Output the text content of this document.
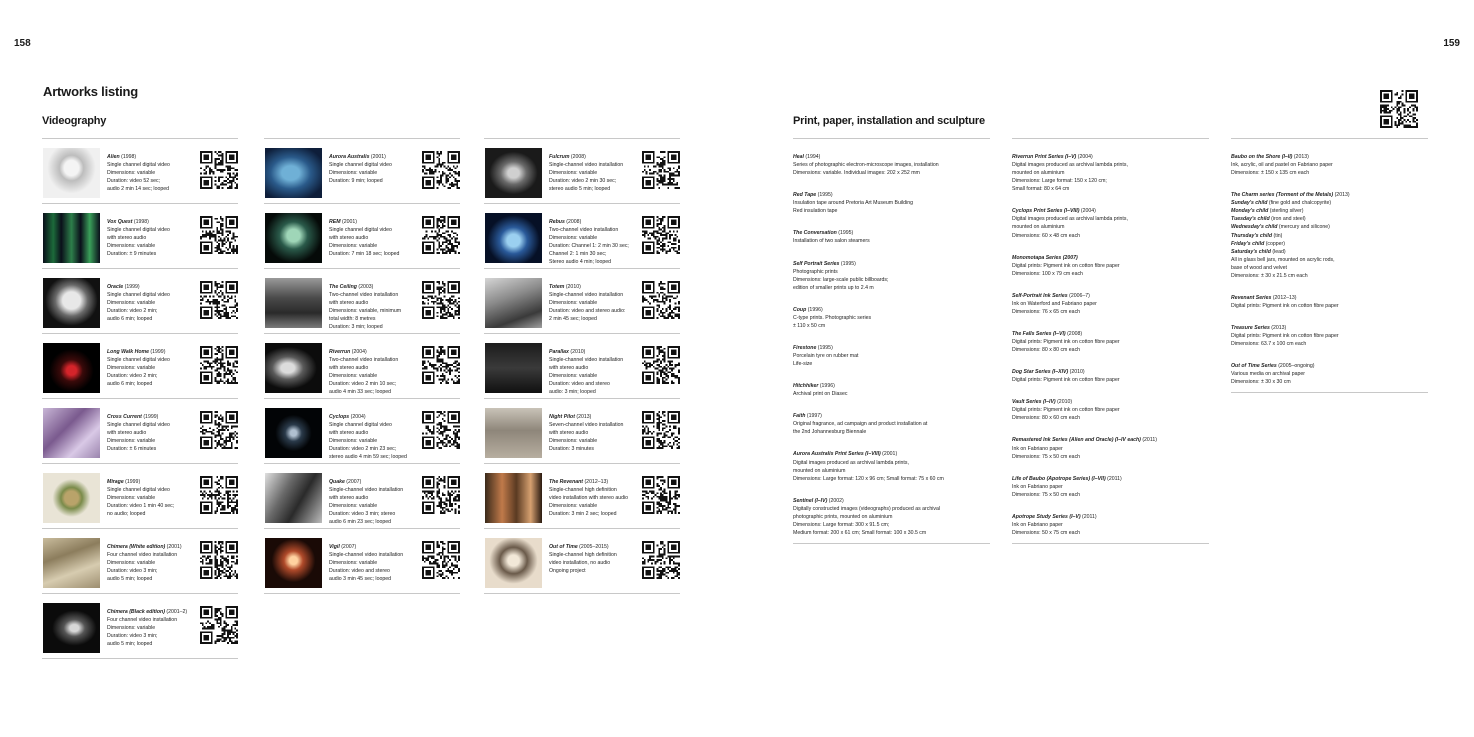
158	159
Artworks listing
Videography	Print, paper, installation and sculpture
Alien (1998)
Single channel digital video
Dimensions: variable
Duration: video 52 sec;
audio 2 min 14 sec; looped
Vox Quest (1998)
Single channel digital video
with stereo audio
Dimensions: variable
Duration: ± 9 minutes
Oracle (1999)
Single channel digital video
Dimensions: variable
Duration: video 2 min;
audio 6 min; looped
Long Walk Home (1999)
Single channel digital video
Dimensions: variable
Duration: video 2 min;
audio 6 min; looped
Cross Current (1999)
Single channel digital video
with stereo audio
Dimensions: variable
Duration: ± 6 minutes
Mirage (1999)
Single channel digital video
Dimensions: variable
Duration: video 1 min 40 sec;
no audio; looped
Chimera (White edition) (2001)
Four channel video installation
Dimensions: variable
Duration: video 3 min;
audio 5 min; looped
Chimera (Black edition) (2001–2)
Four channel video installation
Dimensions: variable
Duration: video 3 min;
audio 5 min; looped
Aurora Australis (2001)
Single channel digital video
Dimensions: variable
Duration: 9 min; looped
REM (2001)
Single channel digital video
with stereo audio
Dimensions: variable
Duration: 7 min 18 sec; looped
The Ceiling (2003)
Two-channel video installation
with stereo audio
Dimensions: variable, minimum
total width: 8 metres
Duration: 3 min; looped
Riverrun (2004)
Two-channel video installation
with stereo audio
Dimensions: variable
Duration: video 2 min 10 sec;
audio 4 min 33 sec; looped
Cyclops (2004)
Single channel digital video
with stereo audio
Dimensions: variable
Duration: video 2 min 23 sec;
stereo audio 4 min 59 sec; looped
Quake (2007)
Single-channel video installation
with stereo audio
Dimensions: variable
Duration: video 3 min; stereo
audio 6 min 23 sec; looped
Vigil (2007)
Single-channel video installation
Dimensions: variable
Duration: video and stereo
audio 3 min 45 sec; looped
Fulcrum (2008)
Single-channel video installation
Dimensions: variable
Duration: video 2 min 30 sec;
stereo audio 5 min; looped
Rebus (2008)
Two-channel video installation
Dimensions: variable
Duration: Channel 1: 2 min 30 sec;
Channel 2: 1 min 30 sec;
Stereo audio 4 min; looped
Totem (2010)
Single-channel video installation
Dimensions: variable
Duration: video and stereo audio:
2 min 45 sec; looped
Parallax (2010)
Single-channel video installation
with stereo audio
Dimensions: variable
Duration: video and stereo
audio: 3 min; looped
Night Pilot (2013)
Seven-channel video installation
with stereo audio
Dimensions: variable
Duration: 3 minutes
The Revenant (2012–13)
Single-channel high definition
video installation with stereo audio
Dimensions: variable
Duration: 3 min 2 sec; looped
Out of Time (2005–2015)
Single-channel high definition
video installation, no audio
Ongoing project
Heal (1994)
Series of photographic electron-microscope images, installation
Dimensions: variable. Individual images: 202 x 252 mm
Red Tape (1995)
Insulation tape around Pretoria Art Museum Building
Red insulation tape
The Conversation (1995)
Installation of two salon steamers
Self Portrait Series (1995)
Photographic prints
Dimensions: large-scale public billboards;
edition of smaller prints up to 2.4 m
Coup (1996)
C-type prints. Photographic series
± 110 x 50 cm
Firestone (1995)
Porcelain tyre on rubber mat
Life-size
Hitchhiker (1996)
Archival print on Diasec
Faith (1997)
Original fragrance, ad campaign and product installation at
the 2nd Johannesburg Biennale
Aurora Australis Print Series (I–VIII) (2001)
Digital images produced as archival lambda prints,
mounted on aluminium
Dimensions: Large format: 120 x 96 cm; Small format: 75 x 60 cm
Sentinel (I–IV) (2002)
Digitally constructed images (videographs) produced as archival
photographic prints, mounted on aluminium
Dimensions: Large format: 300 x 91.5 cm;
Medium format: 200 x 61 cm; Small format: 100 x 30.5 cm
Riverrun Print Series (I–V) (2004)
Digital images produced as archival lambda prints,
mounted on aluminium
Dimensions: Large format: 150 x 120 cm;
Small format: 80 x 64 cm
Cyclops Print Series (I–VIII) (2004)
Digital images produced as archival lambda prints,
mounted on aluminium
Dimensions: 60 x 48 cm each
Monomotapa Series (2007)
Digital prints: Pigment ink on cotton fibre paper
Dimensions: 100 x 79 cm each
Self-Portrait Ink Series (2006–7)
Ink on Waterford and Fabriano paper
Dimensions: 76 x 65 cm each
The Falls Series (I–VI) (2008)
Digital prints: Pigment ink on cotton fibre paper
Dimensions: 80 x 80 cm each
Dog Star Series (I–XIV) (2010)
Digital prints: Pigment ink on cotton fibre paper
Vault Series (I–IV) (2010)
Digital prints: Pigment ink on cotton fibre paper
Dimensions: 80 x 60 cm each
Remastered Ink Series (Alien and Oracle) (I–IV each) (2011)
Ink on Fabriano paper
Dimensions: 75 x 50 cm each
Life of Baubo (Apotrope Series) (I–VII) (2011)
Ink on Fabriano paper
Dimensions: 75 x 50 cm each
Apotrope Study Series (I–V) (2011)
Ink on Fabriano paper
Dimensions: 50 x 75 cm each
Baubo on the Shore (I–II) (2013)
Ink, acrylic, oil and pastel on Fabriano paper
Dimensions: ± 150 x 135 cm each
The Charm series (Torment of the Metals) (2013)
Sunday's child (fine gold and chalcopyrite)
Monday's child (sterling silver)
Tuesday's child (iron and steel)
Wednesday's child (mercury and silicone)
Thursday's child (tin)
Friday's child (copper)
Saturday's child (lead)
All in glass bell jars, mounted on acrylic rods,
base of wood and velvet
Dimensions: ± 30 x 21.5 cm each
Revenant Series (2012–13)
Digital prints: Pigment ink on cotton fibre paper
Treasure Series (2013)
Digital prints: Pigment ink on cotton fibre paper
Dimensions: 63.7 x 100 cm each
Out of Time Series (2005–ongoing)
Various media on archival paper
Dimensions: ± 30 x 30 cm
